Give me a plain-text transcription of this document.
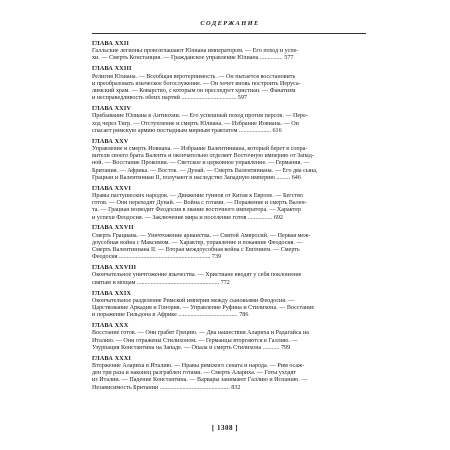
СОДЕРЖАНИЕ
ГЛАВА XXII
Галльские легионы провозглашают Юлиана императором. — Его поход и успе-
хи. — Смерть Констанция. — Гражданское управление Юлиана ............... 577
ГЛАВА XXIII
Религия Юлиана. — Всеобщая веротерпимость. — Он пытается восстановить
и преобразовать языческое богослужение. — Он хочет вновь построить Иеруса-
лимский храм. — Коварство, с которым он преследует христиан. — Фанатизм
и несправедливость обеих партий .................................... 597
ГЛАВА XXIV
Пребывание Юлиана в Антиохии. — Его успешный поход против персов. — Пере-
ход через Тигр. — Отступление и смерть Юлиана. — Избрание Иовиана. — Он
спасает римскую армию постыдным мирным трактатом ..................... 616
ГЛАВА XXV
Управление и смерть Иовиана. — Избрание Валентиниана, который берет в сопра-
вители своего брата Валента и окончательно отделяет Восточную империю от Запад-
ной. — Восстание Прокопия. — Светское и церковное управление. — Германия. —
Британия. — Африка. — Восток. — Дунай. — Смерть Валентиниана. — Его два сына,
Грациан и Валентиниан II, получают в наследство Западную империю ......... 646
ГЛАВА XXVI
Нравы пастушеских народов. — Движение гуннов от Китая к Европе. — Бегство
готов. — Они переходят Дунай. — Война с готами. — Поражение и смерть Вален-
та. — Грациан возводит Феодосия в звание восточного императора. — Характер
и успехи Феодосия. — Заключение мира и поселение готов ................ 692
ГЛАВА XXVII
Смерть Грациана. — Уничтожение арианства. — Святой Амвросий. — Первая меж-
доусобная война с Максимом. — Характер, управление и покаяние Феодосия. —
Смерть Валентиниана II. — Вторая междоусобная война с Евгением. — Смерть
Феодосия ............................................................ 739
ГЛАВА XXVIII
Окончательное уничтожение язычества. — Христиане вводят у себя поклонение
святым и мощам ...................................................... 772
ГЛАВА XXIX
Окончательное разделение Римской империи между сыновьями Феодосия. —
Царствование Аркадия и Гонория. — Управление Руфина и Стилихона. — Восстание
и поражение Гильдона в Африке ....................................... 786
ГЛАВА XXX
Восстание готов. — Они грабят Грецию. — Два нашествия Алариха и Радагайса на
Италию. — Они отражены Стилихоном. — Германцы вторгаются в Галлию. —
Узурпация Константина на Западе. — Опала и смерть Стилихона ........... 799
ГЛАВА XXXI
Вторжение Алариха в Италию. — Нравы римского сената и народа. — Рим осаж-
ден три раза и наконец разграблен готами. — Смерть Алариха. — Готы уходят
из Италии. — Падение Константина. — Варвары занимают Галлию и Испанию. —
Независимость Британии .............................................. 832
[ 1308 ]
